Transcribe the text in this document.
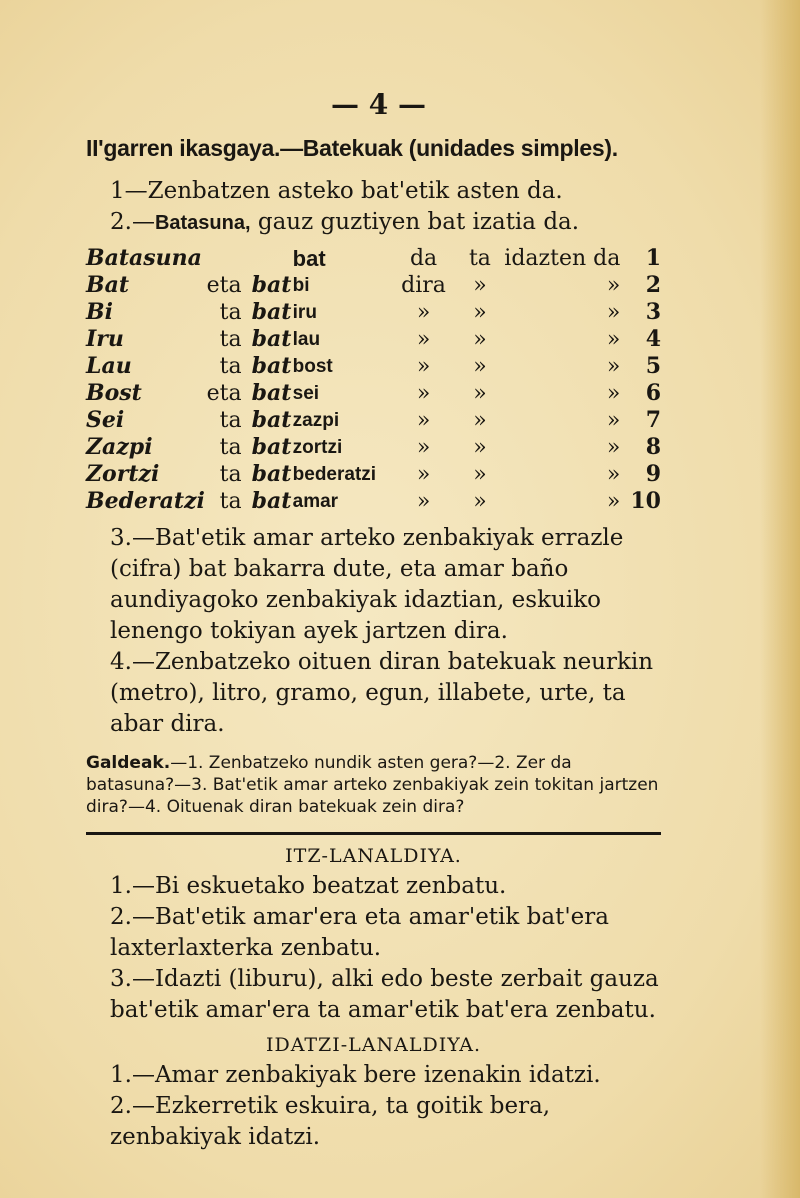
— 4 —
II'garren ikasgaya.—Batekuak (unidades simples).

1—Zenbatzen asteko bat'etik asten da.

2.—Batasuna, gauz guztiyen bat izatia da.

Batasuna			bat	da	ta	idazten da	1
Bat	eta	bat	bi	dira	»	»	2
Bi	ta	bat	iru	»	»	»	3
Iru	ta	bat	lau	»	»	»	4
Lau	ta	bat	bost	»	»	»	5
Bost	eta	bat	sei	»	»	»	6
Sei	ta	bat	zazpi	»	»	»	7
Zazpi	ta	bat	zortzi	»	»	»	8
Zortzi	ta	bat	bederatzi	»	»	»	9
Bederatzi	ta	bat	amar	»	»	»	10

3.—Bat'etik amar arteko zenbakiyak errazle (cifra) bat bakarra dute, eta amar baño aundiyagoko zenbakiyak idaztian, eskuiko lenengo tokiyan ayek jartzen dira.

4.—Zenbatzeko oituen diran batekuak neurkin (metro), litro, gramo, egun, illabete, urte, ta abar dira.

Galdeak.—1. Zenbatzeko nundik asten gera?—2. Zer da batasuna?—3. Bat'etik amar arteko zenbakiyak zein tokitan jartzen dira?—4. Oituenak diran batekuak zein dira?
ITZ-LANALDIYA.

1.—Bi eskuetako beatzat zenbatu.

2.—Bat'etik amar'era eta amar'etik bat'era laxterlaxterka zenbatu.

3.—Idazti (liburu), alki edo beste zerbait gauza bat'etik amar'era ta amar'etik bat'era zenbatu.

IDATZI-LANALDIYA.

1.—Amar zenbakiyak bere izenakin idatzi.

2.—Ezkerretik eskuira, ta goitik bera, zenbakiyak idatzi.
